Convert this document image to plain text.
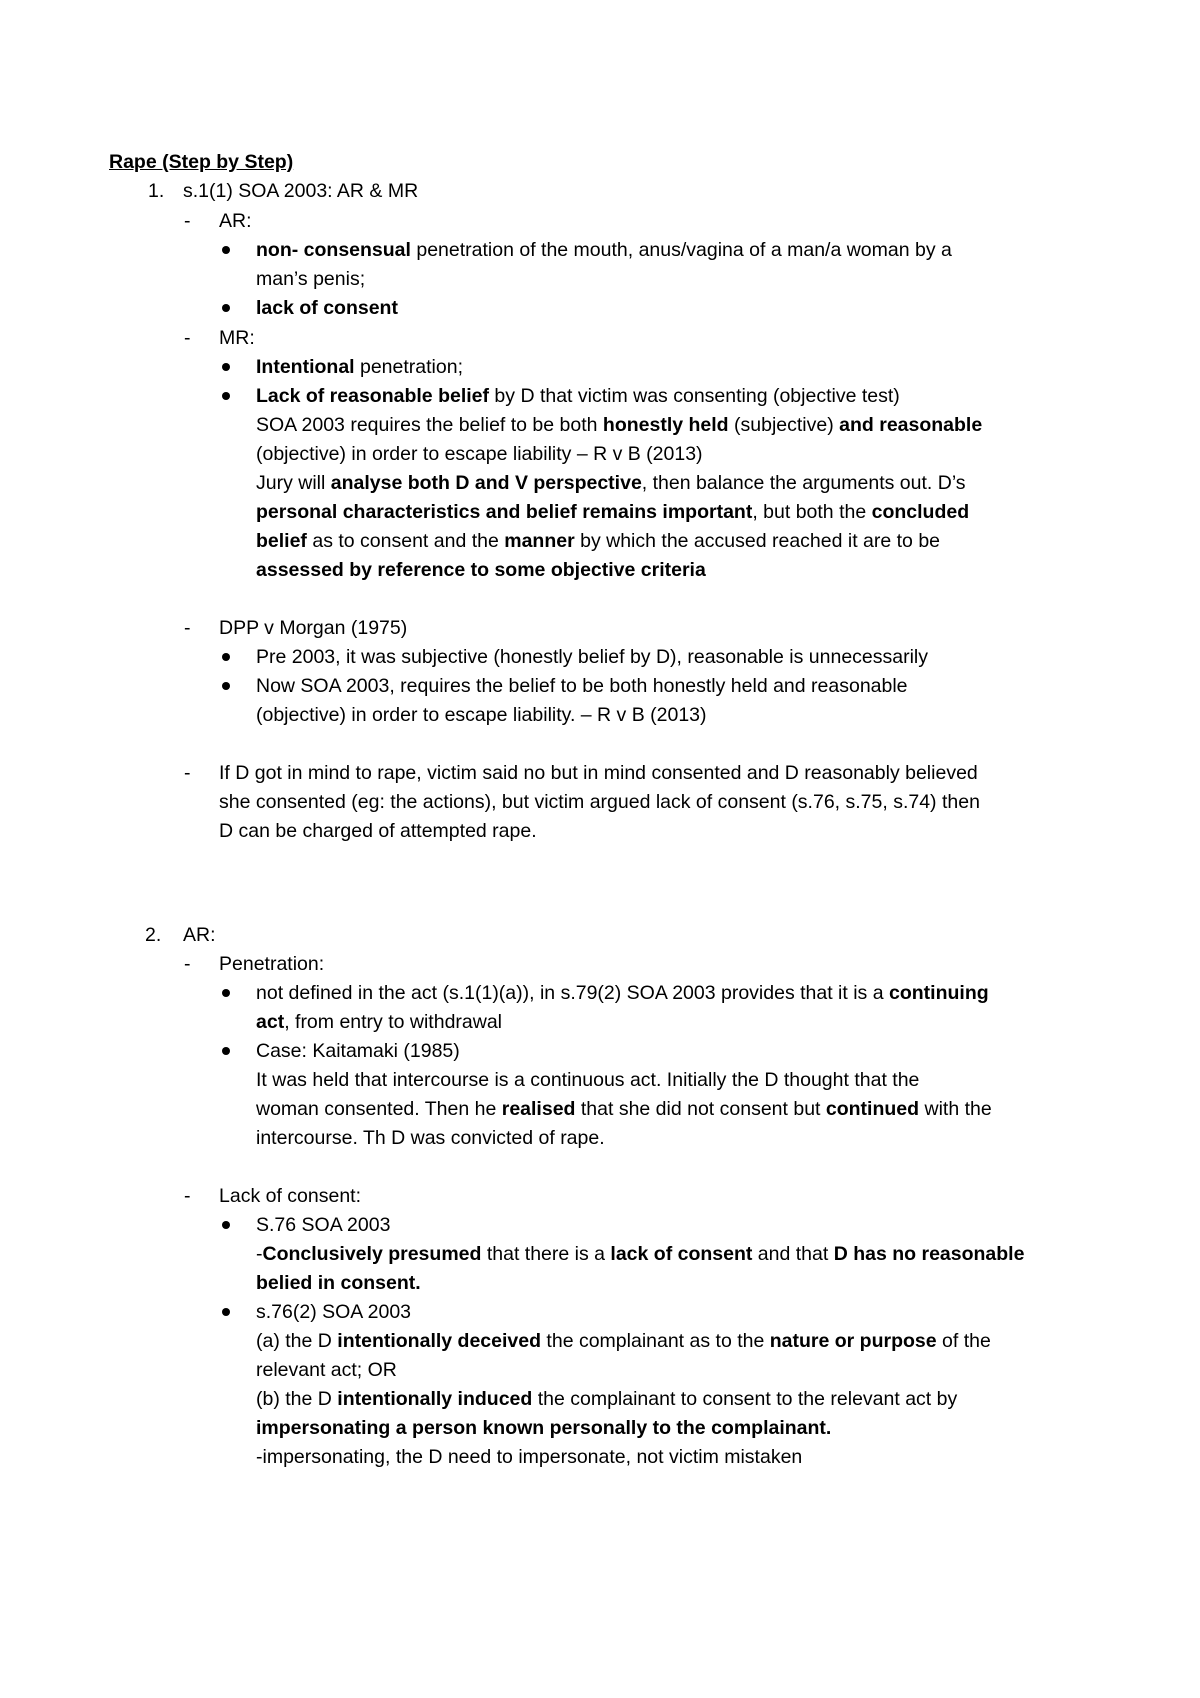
Rape (Step by Step)
1. s.1(1) SOA 2003: AR & MR
- AR:
non- consensual penetration of the mouth, anus/vagina of a man/a woman by a
man’s penis;
lack of consent
- MR:
Intentional penetration;
Lack of reasonable belief by D that victim was consenting (objective test)
SOA 2003 requires the belief to be both honestly held (subjective) and reasonable
(objective) in order to escape liability – R v B (2013)
Jury will analyse both D and V perspective, then balance the arguments out. D’s
personal characteristics and belief remains important, but both the concluded
belief as to consent and the manner by which the accused reached it are to be
assessed by reference to some objective criteria
- DPP v Morgan (1975)
Pre 2003, it was subjective (honestly belief by D), reasonable is unnecessarily
Now SOA 2003, requires the belief to be both honestly held and reasonable
(objective) in order to escape liability. – R v B (2013)
- If D got in mind to rape, victim said no but in mind consented and D reasonably believed
she consented (eg: the actions), but victim argued lack of consent (s.76, s.75, s.74) then
D can be charged of attempted rape.
2. AR:
- Penetration:
not defined in the act (s.1(1)(a)), in s.79(2) SOA 2003 provides that it is a continuing
act, from entry to withdrawal
Case: Kaitamaki (1985)
It was held that intercourse is a continuous act. Initially the D thought that the
woman consented. Then he realised that she did not consent but continued with the
intercourse. Th D was convicted of rape.
- Lack of consent:
S.76 SOA 2003
-Conclusively presumed that there is a lack of consent and that D has no reasonable
belied in consent.
s.76(2) SOA 2003
(a) the D intentionally deceived the complainant as to the nature or purpose of the
relevant act; OR
(b) the D intentionally induced the complainant to consent to the relevant act by
impersonating a person known personally to the complainant.
-impersonating, the D need to impersonate, not victim mistaken
